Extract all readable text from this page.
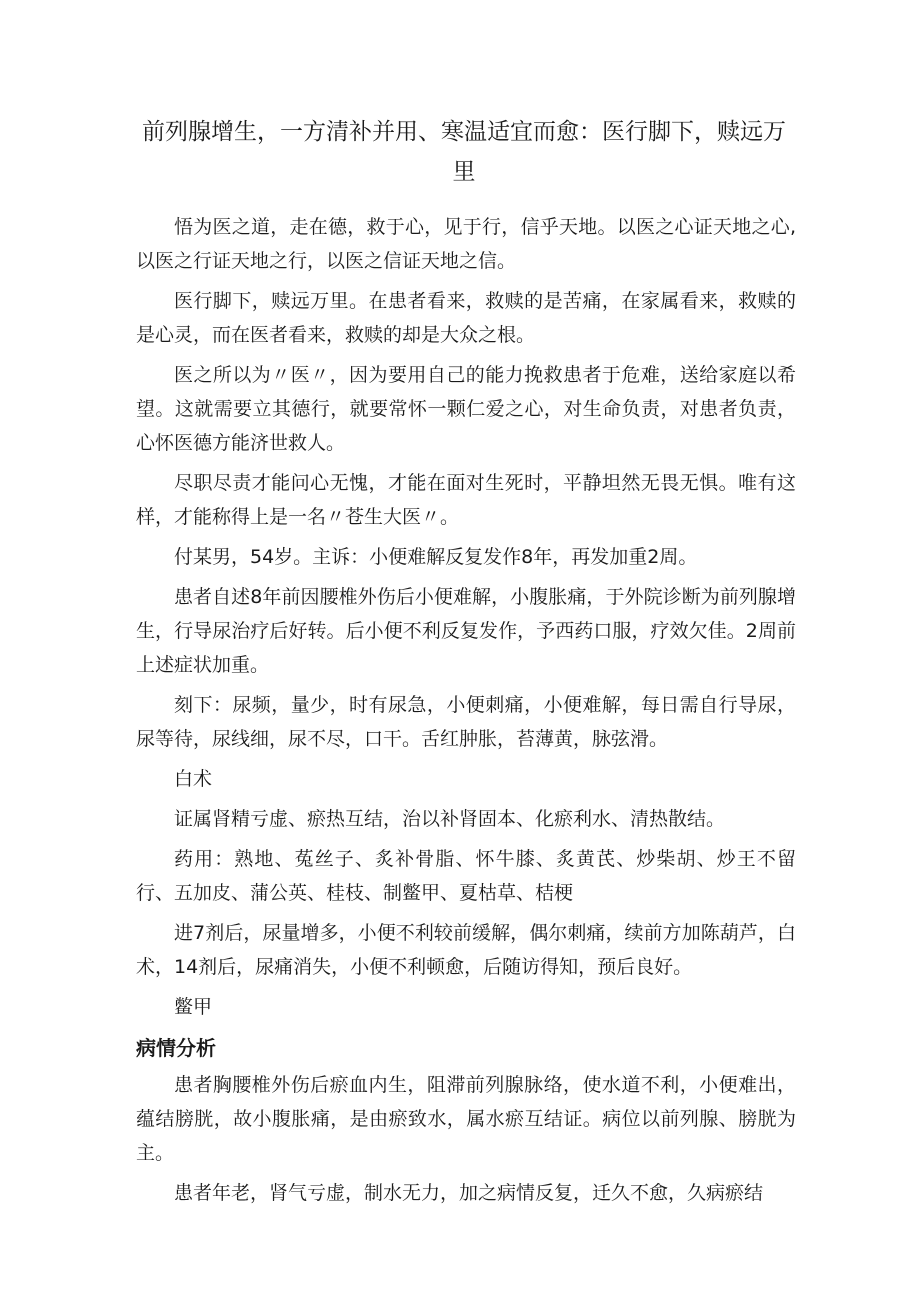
前列腺增生，一方清补并用、寒温适宜而愈：医行脚下，赎远万里

悟为医之道，走在德，救于心，见于行，信乎天地。以医之心证天地之心,以医之行证天地之行，以医之信证天地之信。

医行脚下，赎远万里。在患者看来，救赎的是苦痛，在家属看来，救赎的是心灵，而在医者看来，救赎的却是大众之根。

医之所以为〃医〃，因为要用自己的能力挽救患者于危难，送给家庭以希望。这就需要立其德行，就要常怀一颗仁爱之心，对生命负责，对患者负责，心怀医德方能济世救人。

尽职尽责才能问心无愧，才能在面对生死时，平静坦然无畏无惧。唯有这样，才能称得上是一名〃苍生大医〃。

付某男，54岁。主诉：小便难解反复发作8年，再发加重2周。

患者自述8年前因腰椎外伤后小便难解，小腹胀痛，于外院诊断为前列腺增生，行导尿治疗后好转。后小便不利反复发作，予西药口服，疗效欠佳。2周前上述症状加重。

刻下：尿频，量少，时有尿急，小便刺痛，小便难解，每日需自行导尿，尿等待，尿线细，尿不尽，口干。舌红肿胀，苔薄黄，脉弦滑。

白术

证属肾精亏虚、瘀热互结，治以补肾固本、化瘀利水、清热散结。

药用：熟地、菟丝子、炙补骨脂、怀牛膝、炙黄芪、炒柴胡、炒王不留行、五加皮、蒲公英、桂枝、制鳖甲、夏枯草、桔梗

进7剂后，尿量增多，小便不利较前缓解，偶尔刺痛，续前方加陈葫芦，白术，14剂后，尿痛消失，小便不利顿愈，后随访得知，预后良好。

鳖甲

病情分析

患者胸腰椎外伤后瘀血内生，阻滞前列腺脉络，使水道不利，小便难出，蕴结膀胱，故小腹胀痛，是由瘀致水，属水瘀互结证。病位以前列腺、膀胱为主。

患者年老，肾气亏虚，制水无力，加之病情反复，迁久不愈，久病瘀结
